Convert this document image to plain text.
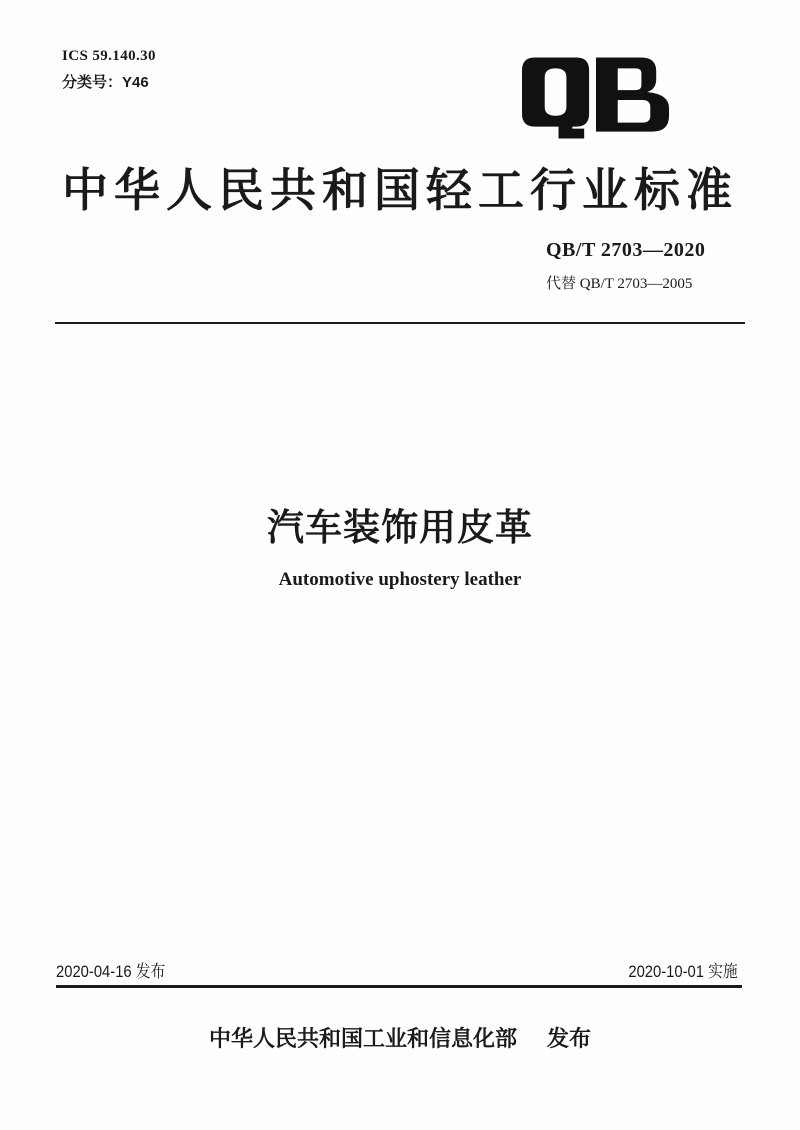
ICS 59.140.30
分类号：Y46
中华人民共和国轻工行业标准
QB/T 2703—2020
代替 QB/T 2703—2005
汽车装饰用皮革
Automotive uphostery leather
2020-04-16 发布	2020-10-01 实施
中华人民共和国工业和信息化部 发布
